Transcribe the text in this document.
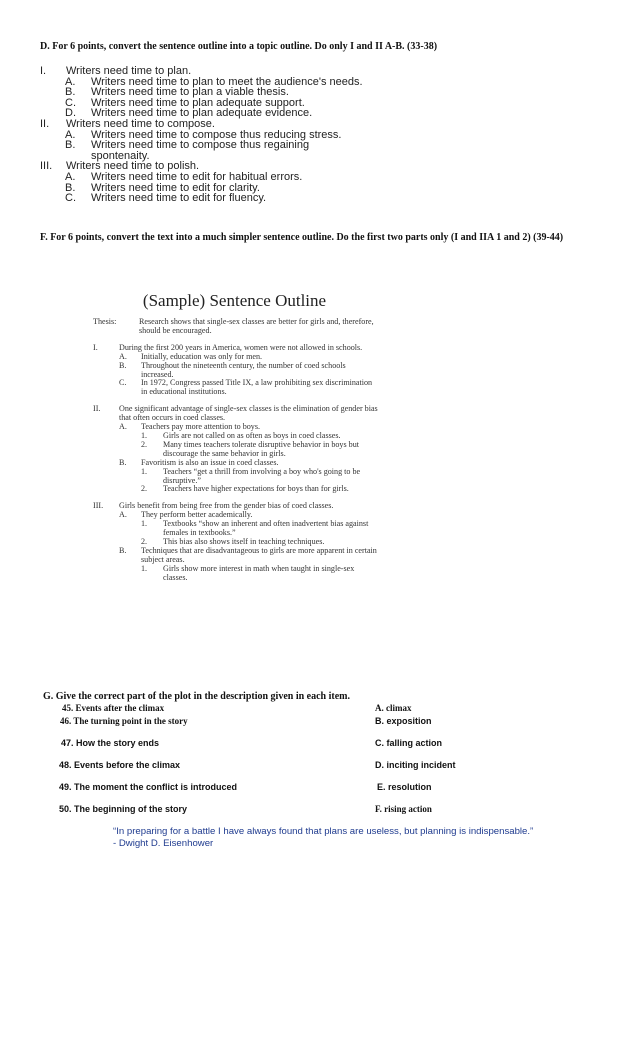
D. For 6 points, convert the sentence outline into a topic outline. Do only I and II A-B. (33-38)
I.	Writers need time to plan.
A.	Writers need time to plan to meet the audience's needs.
B.	Writers need time to plan a viable thesis.
C.	Writers need time to plan adequate support.
D.	Writers need time to plan adequate evidence.
II.	Writers need time to compose.
A.	Writers need time to compose thus reducing stress.
B.	Writers need time to compose thus regaining spontenaity.
III.	Writers need time to polish.
A.	Writers need time to edit for habitual errors.
B.	Writers need time to edit for clarity.
C.	Writers need time to edit for fluency.
F. For 6 points, convert the text into a much simpler sentence outline. Do the first two parts only (I and IIA 1 and 2) (39-44)
(Sample) Sentence Outline
Thesis:	Research shows that single-sex classes are better for girls and, therefore, should be encouraged.
I.	During the first 200 years in America, women were not allowed in schools.
A.	Initially, education was only for men.
B.	Throughout the nineteenth century, the number of coed schools increased.
C.	In 1972, Congress passed Title IX, a law prohibiting sex discrimination in educational institutions.
II.	One significant advantage of single-sex classes is the elimination of gender bias that often occurs in coed classes.
A.	Teachers pay more attention to boys.
1.	Girls are not called on as often as boys in coed classes.
2.	Many times teachers tolerate disruptive behavior in boys but discourage the same behavior in girls.
B.	Favoritism is also an issue in coed classes.
1.	Teachers “get a thrill from involving a boy who's going to be disruptive.”
2.	Teachers have higher expectations for boys than for girls.
III.	Girls benefit from being free from the gender bias of coed classes.
A.	They perform better academically.
1.	Textbooks “show an inherent and often inadvertent bias against females in textbooks.”
2.	This bias also shows itself in teaching techniques.
B.	Techniques that are disadvantageous to girls are more apparent in certain subject areas.
1.	Girls show more interest in math when taught in single-sex classes.
G. Give the correct part of the plot in the description given in each item.
45. Events after the climax	A. climax
46. The turning point in the story	B. exposition
47. How the story ends	C. falling action
48. Events before the climax	D. inciting incident
49. The moment the conflict is introduced	E. resolution
50. The beginning of the story	F. rising action
“In preparing for a battle I have always found that plans are useless, but planning is indispensable.”
- Dwight D. Eisenhower
